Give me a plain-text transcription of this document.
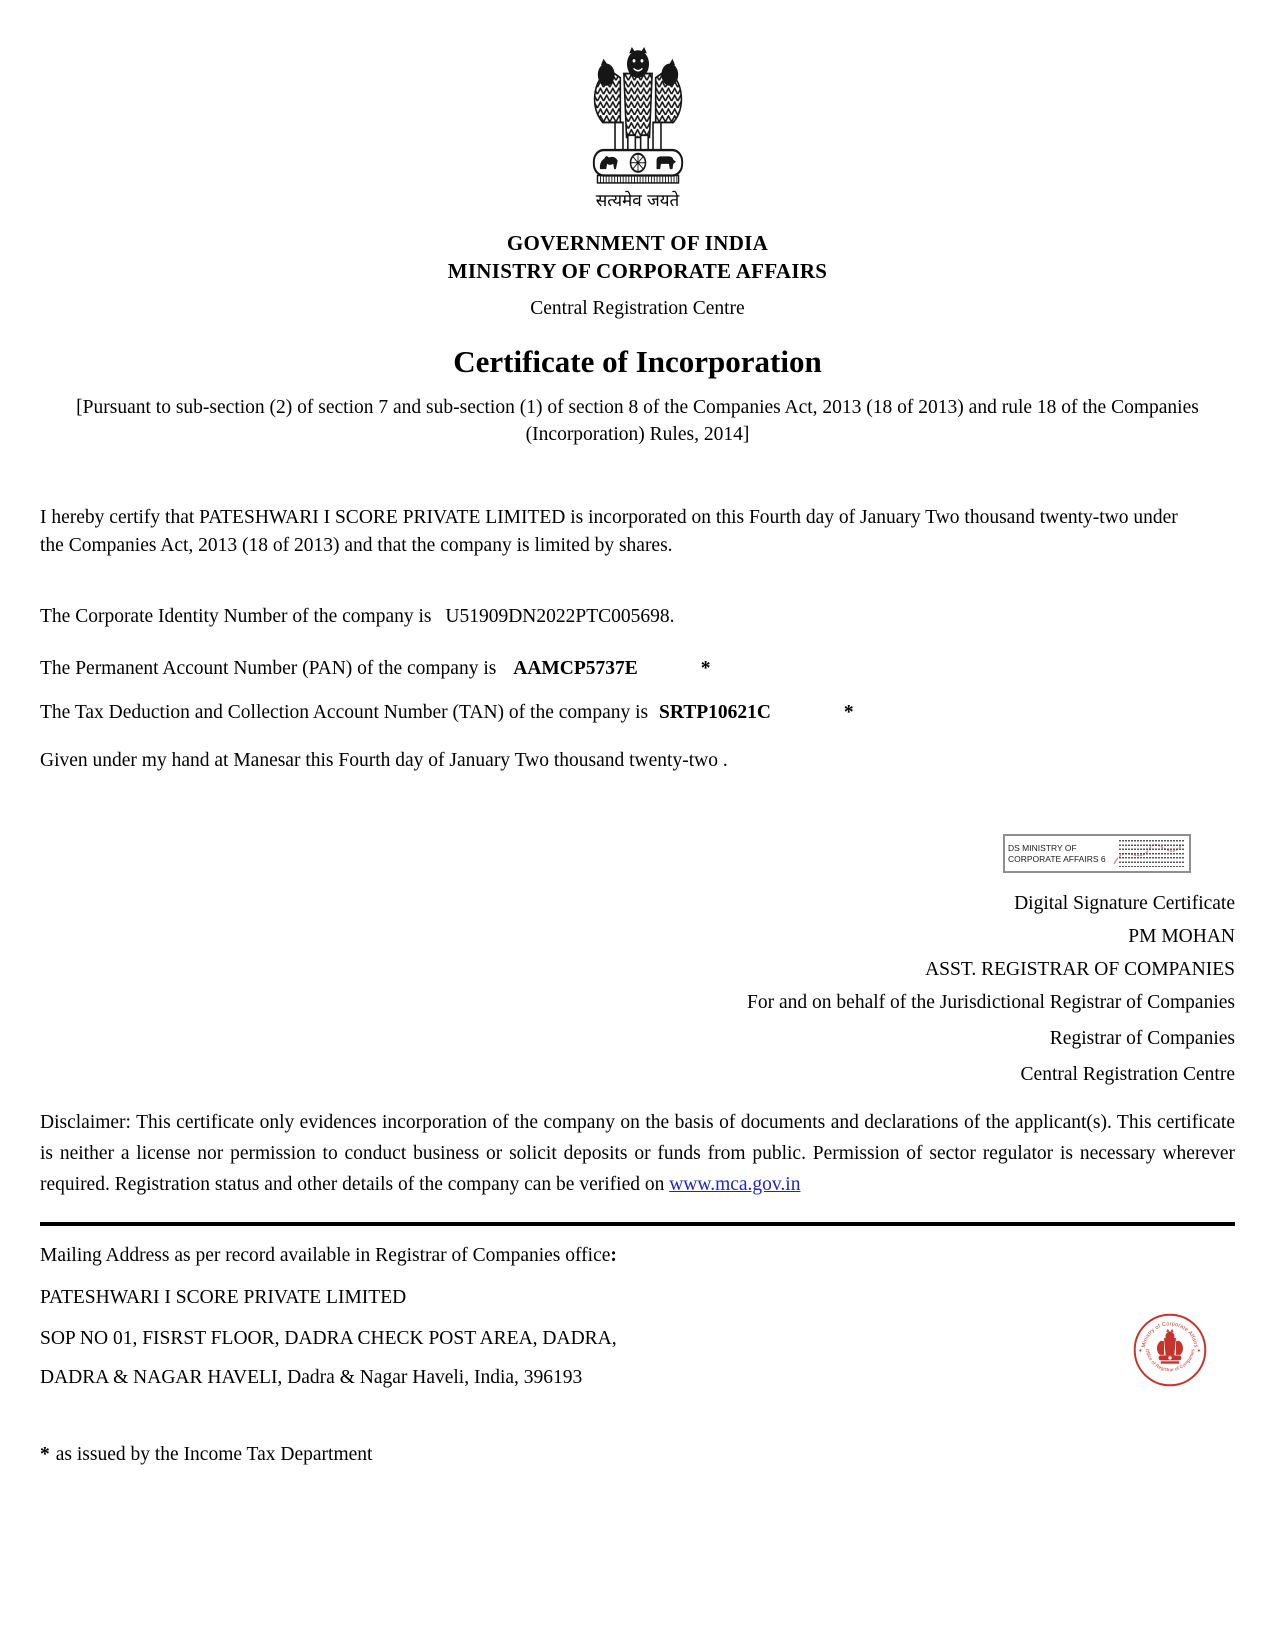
सत्यमेव जयते
GOVERNMENT OF INDIA
MINISTRY OF CORPORATE AFFAIRS
Central Registration Centre
Certificate of Incorporation
[Pursuant to sub-section (2) of section 7 and sub-section (1) of section 8 of the Companies Act, 2013 (18 of 2013) and rule 18 of the Companies (Incorporation) Rules, 2014]
I hereby certify that PATESHWARI I SCORE PRIVATE LIMITED is incorporated on this Fourth day of January Two thousand twenty-two under the Companies Act, 2013 (18 of 2013) and that the company is limited by shares.
The Corporate Identity Number of the company is U51909DN2022PTC005698.
The Permanent Account Number (PAN) of the company is AAMCP5737E	*
The Tax Deduction and Collection Account Number (TAN) of the company is SRTP10621C	*
Given under my hand at Manesar this Fourth day of January Two thousand twenty-two .
DS MINISTRY OF
CORPORATE AFFAIRS 6
Digital Signature Certificate
PM MOHAN
ASST. REGISTRAR OF COMPANIES
For and on behalf of the Jurisdictional Registrar of Companies
Registrar of Companies
Central Registration Centre
Disclaimer: This certificate only evidences incorporation of the company on the basis of documents and declarations of the applicant(s). This certificate is neither a license nor permission to conduct business or solicit deposits or funds from public. Permission of sector regulator is necessary wherever required. Registration status and other details of the company can be verified on www.mca.gov.in
Mailing Address as per record available in Registrar of Companies office:
PATESHWARI I SCORE PRIVATE LIMITED
SOP NO 01, FISRST FLOOR, DADRA CHECK POST AREA, DADRA,
DADRA & NAGAR HAVELI, Dadra & Nagar Haveli, India, 396193
* as issued by the Income Tax Department
Ministry of Corporate Affairs
Office of Registrar of Companies
✶	✶
